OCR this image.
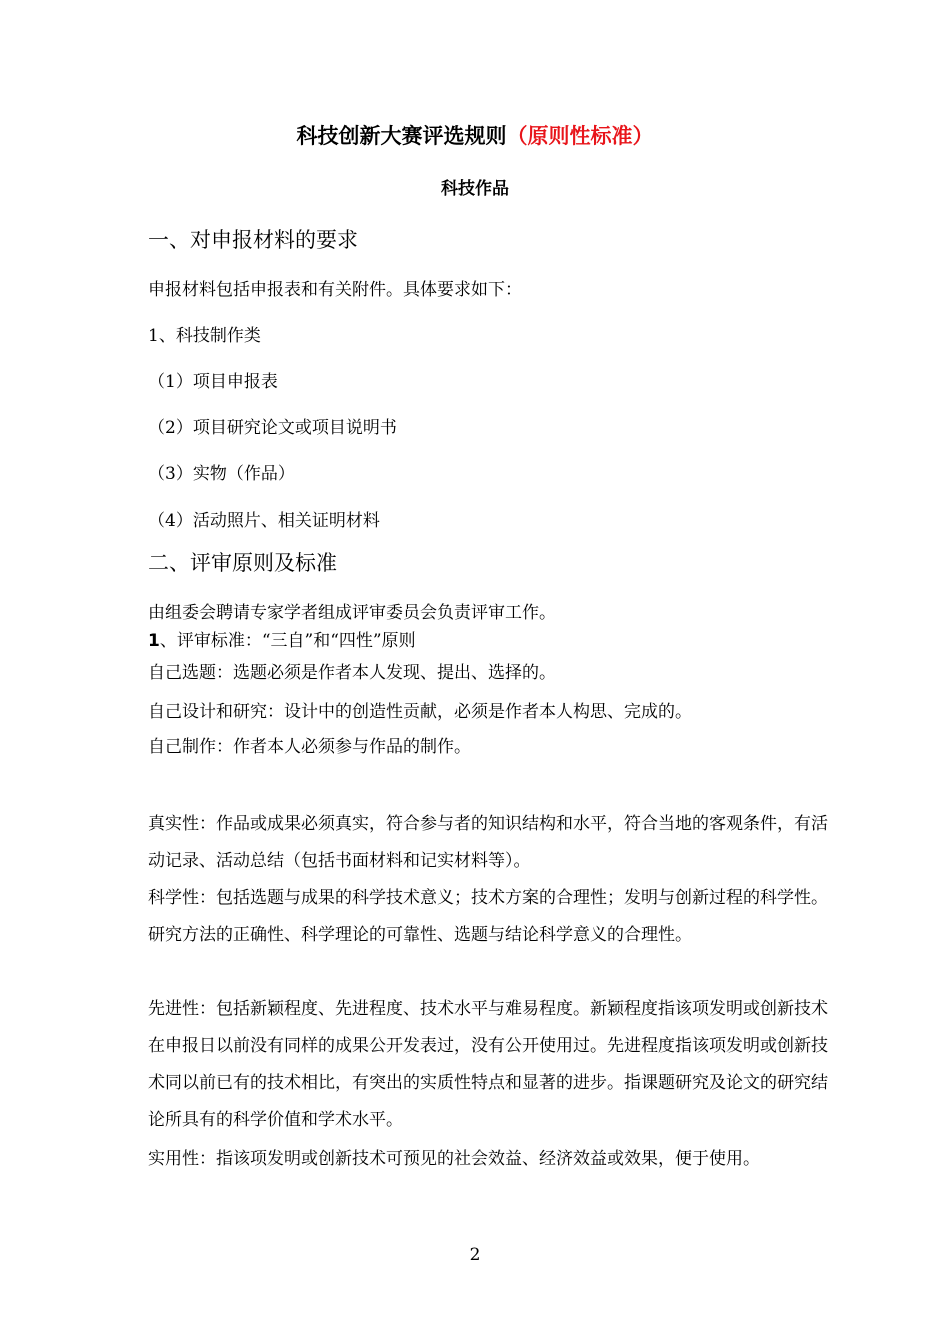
科技创新大赛评选规则（原则性标准）
科技作品
一、对申报材料的要求
申报材料包括申报表和有关附件。具体要求如下：
1、科技制作类
（1）项目申报表
（2）项目研究论文或项目说明书
（3）实物（作品）
（4）活动照片、相关证明材料
二、评审原则及标准
由组委会聘请专家学者组成评审委员会负责评审工作。
1、评审标准：“三自”和“四性”原则
自己选题：选题必须是作者本人发现、提出、选择的。
自己设计和研究：设计中的创造性贡献，必须是作者本人构思、完成的。
自己制作：作者本人必须参与作品的制作。
真实性：作品或成果必须真实，符合参与者的知识结构和水平，符合当地的客观条件，有活动记录、活动总结（包括书面材料和记实材料等）。
科学性：包括选题与成果的科学技术意义；技术方案的合理性；发明与创新过程的科学性。研究方法的正确性、科学理论的可靠性、选题与结论科学意义的合理性。
先进性：包括新颖程度、先进程度、技术水平与难易程度。新颖程度指该项发明或创新技术在申报日以前没有同样的成果公开发表过，没有公开使用过。先进程度指该项发明或创新技术同以前已有的技术相比，有突出的实质性特点和显著的进步。指课题研究及论文的研究结论所具有的科学价值和学术水平。
实用性：指该项发明或创新技术可预见的社会效益、经济效益或效果，便于使用。
2
